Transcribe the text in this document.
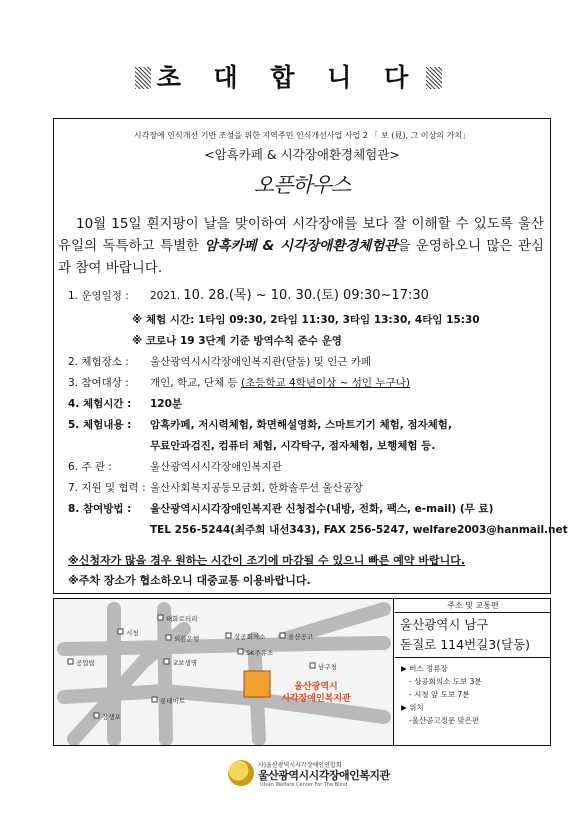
초 대 합 니 다
시각장애 인식개선 기반 조성을 위한 지역주민 인식개선사업 사업 2 「 보 (見), 그 이상의 가치」
<암흑카페 & 시각장애환경체험관>
오픈하우스
10월 15일 흰지팡이 날을 맞이하여 시각장애를 보다 잘 이해할 수 있도록 울산 유일의 독특하고 특별한 암흑카페 & 시각장애환경체험관을 운영하오니 많은 관심과 참여 바랍니다.
1. 운영일정 : 2021. 10. 28.(목) ~ 10. 30.(토) 09:30~17:30
※ 체험 시간: 1타임 09:30, 2타임 11:30, 3타임 13:30, 4타임 15:30
※ 코로나 19 3단계 기준 방역수칙 준수 운영
2. 체험장소 : 울산광역시시각장애인복지관(달동) 및 인근 카페
3. 참여대상 : 개인, 학교, 단체 등 (초등학교 4학년이상 ~ 성인 누구나)
4. 체험시간 : 120분
5. 체험내용 : 암흑카페, 저시력체험, 화면해설영화, 스마트기기 체험, 점자체험,
무료안과검진, 컴퓨터 체험, 시각탁구, 점자체험, 보행체험 등.
6. 주 관 :	울산광역시시각장애인복지관
7. 지원 및 협력 : 울산사회복지공동모금회, 한화솔루션 울산공장
8. 참여방법 : 울산광역시시각장애인복지관 신청접수(내방, 전화, 팩스, e-mail) (무 료)
TEL 256-5244(최주희 내선343), FAX 256-5247, welfare2003@hanmail.net
※신청자가 많을 경우 원하는 시간이 조기에 마감될 수 있으니 빠른 예약 바랍니다.
※주차 장소가 협소하오니 대중교통 이용바랍니다.
태화로터리
시청
외환은행	상공회의소	울산공고
SK주유소
공업탑	교보생명	남구청
롯데마트
장생포
울산광역시
시각장애인복지관
주소 및 교통편
울산광역시 남구
돋질로 114번길3(달동)
▶ 버스 정류장
- 상공회의소 도보 3분
- 시청 앞 도보 7분
▶ 위치
-울산공고정문 맞은편
사)울산광역시시각장애인연합회
울산광역시시각장애인복지관
Ulsan Welfare Center For The Blind
